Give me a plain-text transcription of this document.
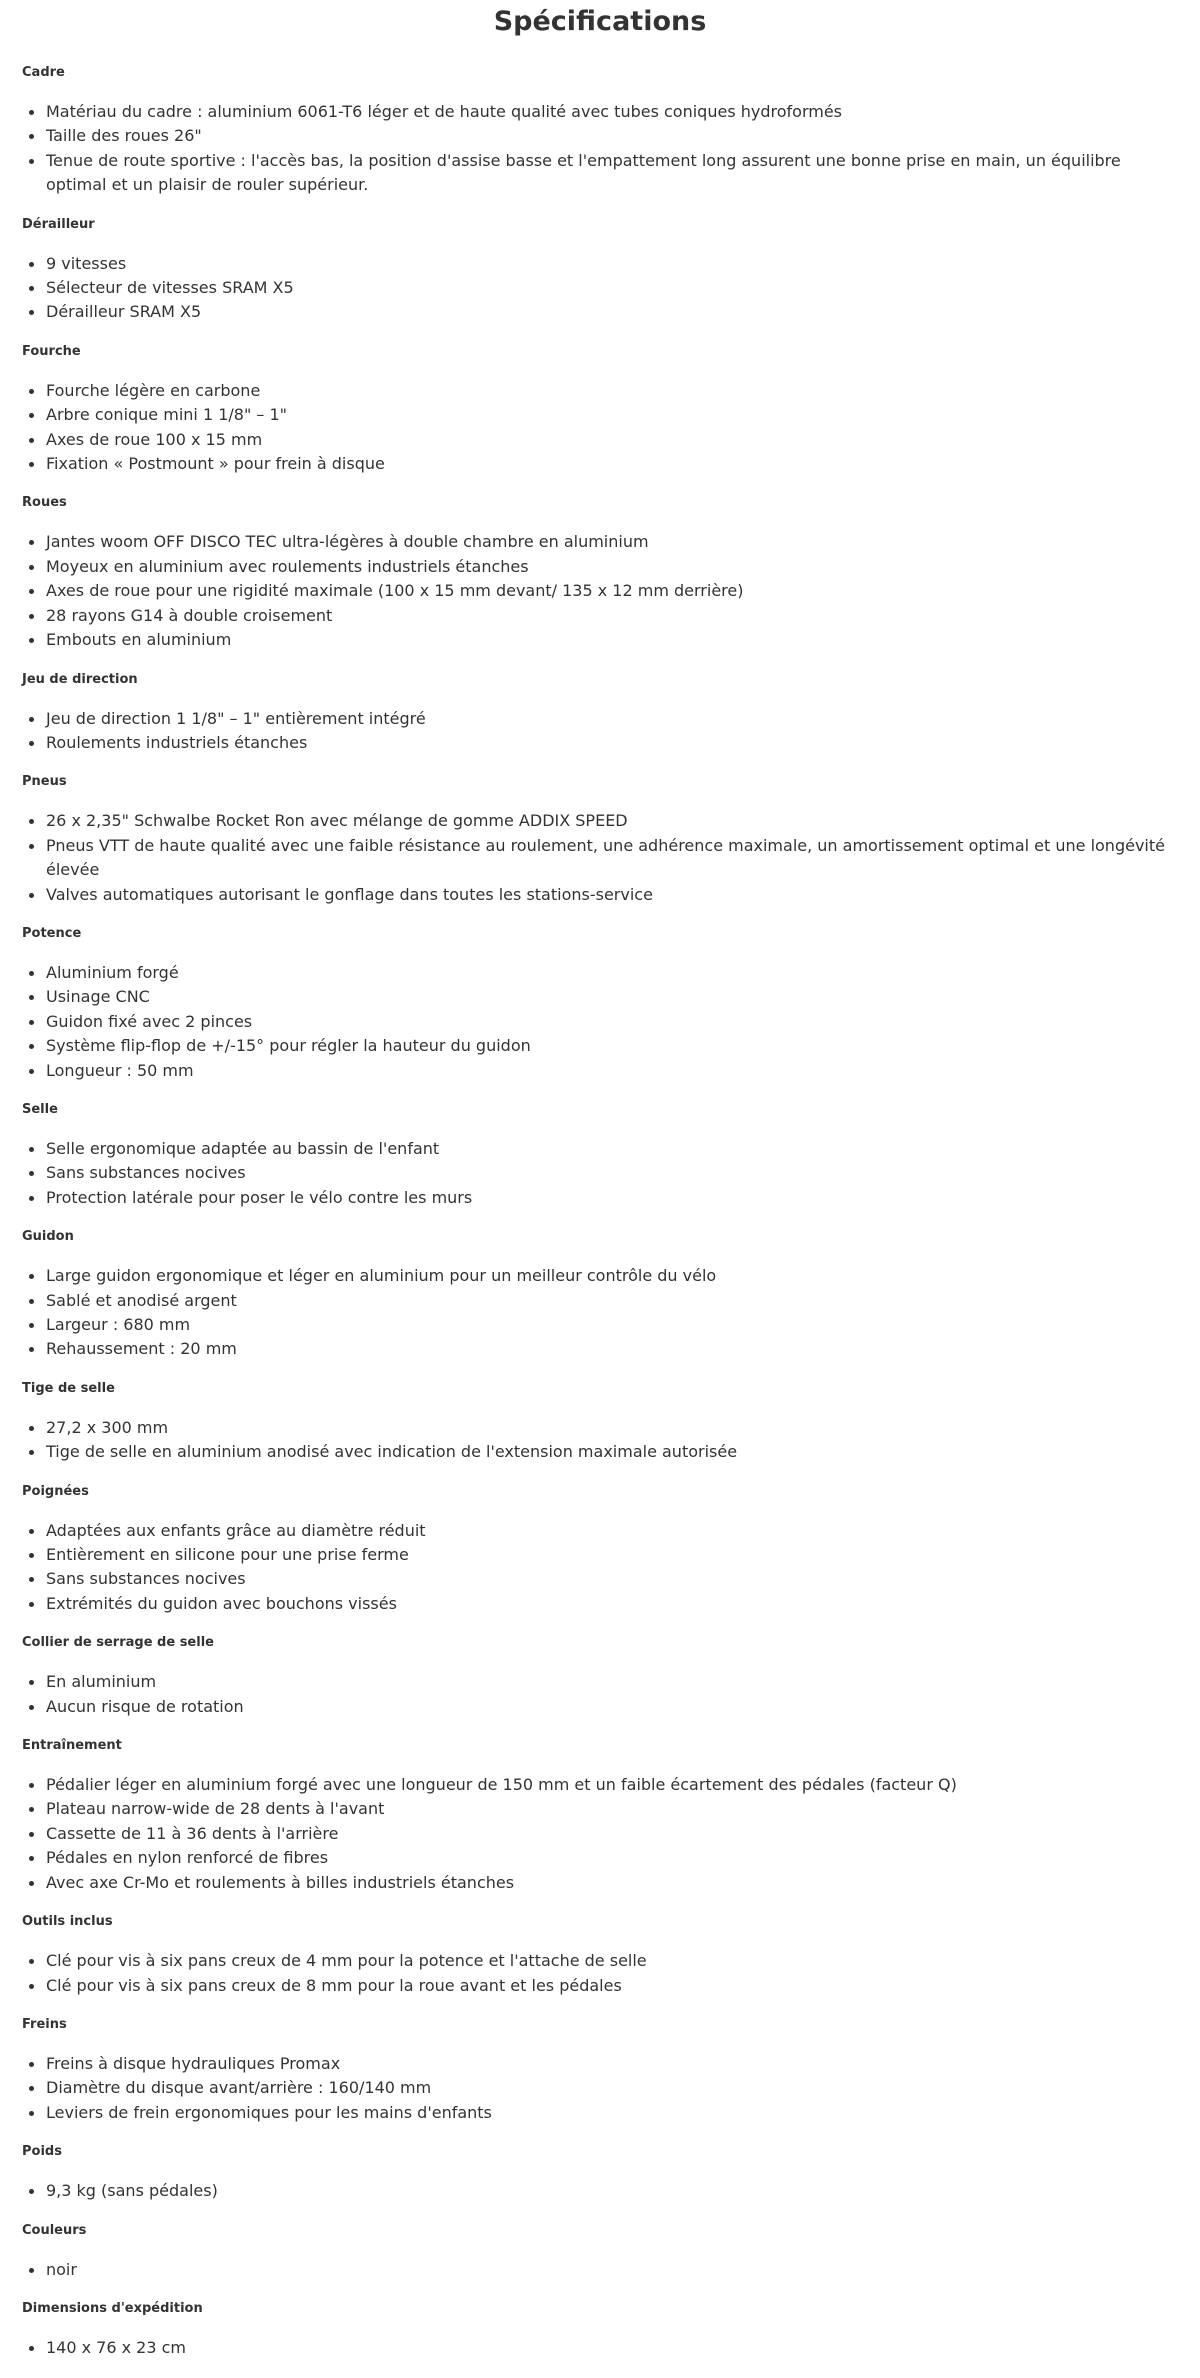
Spécifications
Cadre
Matériau du cadre : aluminium 6061-T6 léger et de haute qualité avec tubes coniques hydroformés
Taille des roues 26"
Tenue de route sportive : l'accès bas, la position d'assise basse et l'empattement long assurent une bonne prise en main, un équilibre optimal et un plaisir de rouler supérieur.
Dérailleur
9 vitesses
Sélecteur de vitesses SRAM X5
Dérailleur SRAM X5
Fourche
Fourche légère en carbone
Arbre conique mini 1 1/8" – 1"
Axes de roue 100 x 15 mm
Fixation « Postmount » pour frein à disque
Roues
Jantes woom OFF DISCO TEC ultra-légères à double chambre en aluminium
Moyeux en aluminium avec roulements industriels étanches
Axes de roue pour une rigidité maximale (100 x 15 mm devant/ 135 x 12 mm derrière)
28 rayons G14 à double croisement
Embouts en aluminium
Jeu de direction
Jeu de direction 1 1/8" – 1" entièrement intégré
Roulements industriels étanches
Pneus
26 x 2,35" Schwalbe Rocket Ron avec mélange de gomme ADDIX SPEED
Pneus VTT de haute qualité avec une faible résistance au roulement, une adhérence maximale, un amortissement optimal et une longévité élevée
Valves automatiques autorisant le gonflage dans toutes les stations-service
Potence
Aluminium forgé
Usinage CNC
Guidon fixé avec 2 pinces
Système flip-flop de +/-15° pour régler la hauteur du guidon
Longueur : 50 mm
Selle
Selle ergonomique adaptée au bassin de l'enfant
Sans substances nocives
Protection latérale pour poser le vélo contre les murs
Guidon
Large guidon ergonomique et léger en aluminium pour un meilleur contrôle du vélo
Sablé et anodisé argent
Largeur : 680 mm
Rehaussement : 20 mm
Tige de selle
27,2 x 300 mm
Tige de selle en aluminium anodisé avec indication de l'extension maximale autorisée
Poignées
Adaptées aux enfants grâce au diamètre réduit
Entièrement en silicone pour une prise ferme
Sans substances nocives
Extrémités du guidon avec bouchons vissés
Collier de serrage de selle
En aluminium
Aucun risque de rotation
Entraînement
Pédalier léger en aluminium forgé avec une longueur de 150 mm et un faible écartement des pédales (facteur Q)
Plateau narrow-wide de 28 dents à l'avant
Cassette de 11 à 36 dents à l'arrière
Pédales en nylon renforcé de fibres
Avec axe Cr-Mo et roulements à billes industriels étanches
Outils inclus
Clé pour vis à six pans creux de 4 mm pour la potence et l'attache de selle
Clé pour vis à six pans creux de 8 mm pour la roue avant et les pédales
Freins
Freins à disque hydrauliques Promax
Diamètre du disque avant/arrière : 160/140 mm
Leviers de frein ergonomiques pour les mains d'enfants
Poids
9,3 kg (sans pédales)
Couleurs
noir
Dimensions d'expédition
140 x 76 x 23 cm
